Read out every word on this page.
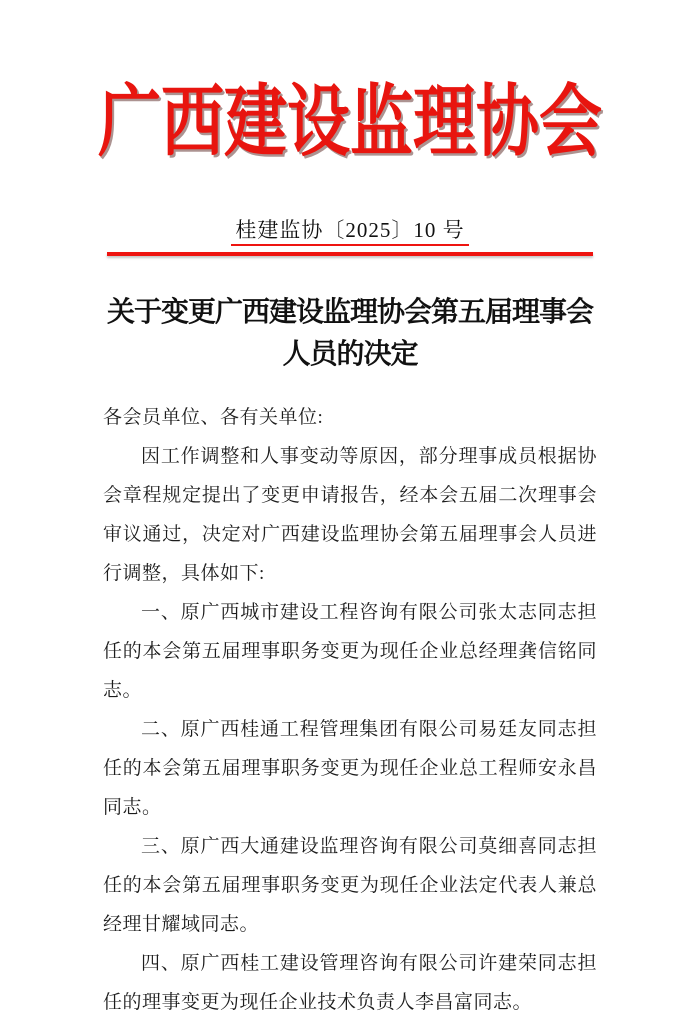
广西建设监理协会
桂建监协〔2025〕10 号
关于变更广西建设监理协会第五届理事会
人员的决定

各会员单位、各有关单位:

因工作调整和人事变动等原因，部分理事成员根据协会章程规定提出了变更申请报告，经本会五届二次理事会审议通过，决定对广西建设监理协会第五届理事会人员进行调整，具体如下:

一、原广西城市建设工程咨询有限公司张太志同志担任的本会第五届理事职务变更为现任企业总经理龚信铭同志。

二、原广西桂通工程管理集团有限公司易廷友同志担任的本会第五届理事职务变更为现任企业总工程师安永昌同志。

三、原广西大通建设监理咨询有限公司莫细喜同志担任的本会第五届理事职务变更为现任企业法定代表人兼总经理甘耀域同志。

四、原广西桂工建设管理咨询有限公司许建荣同志担任的理事变更为现任企业技术负责人李昌富同志。
